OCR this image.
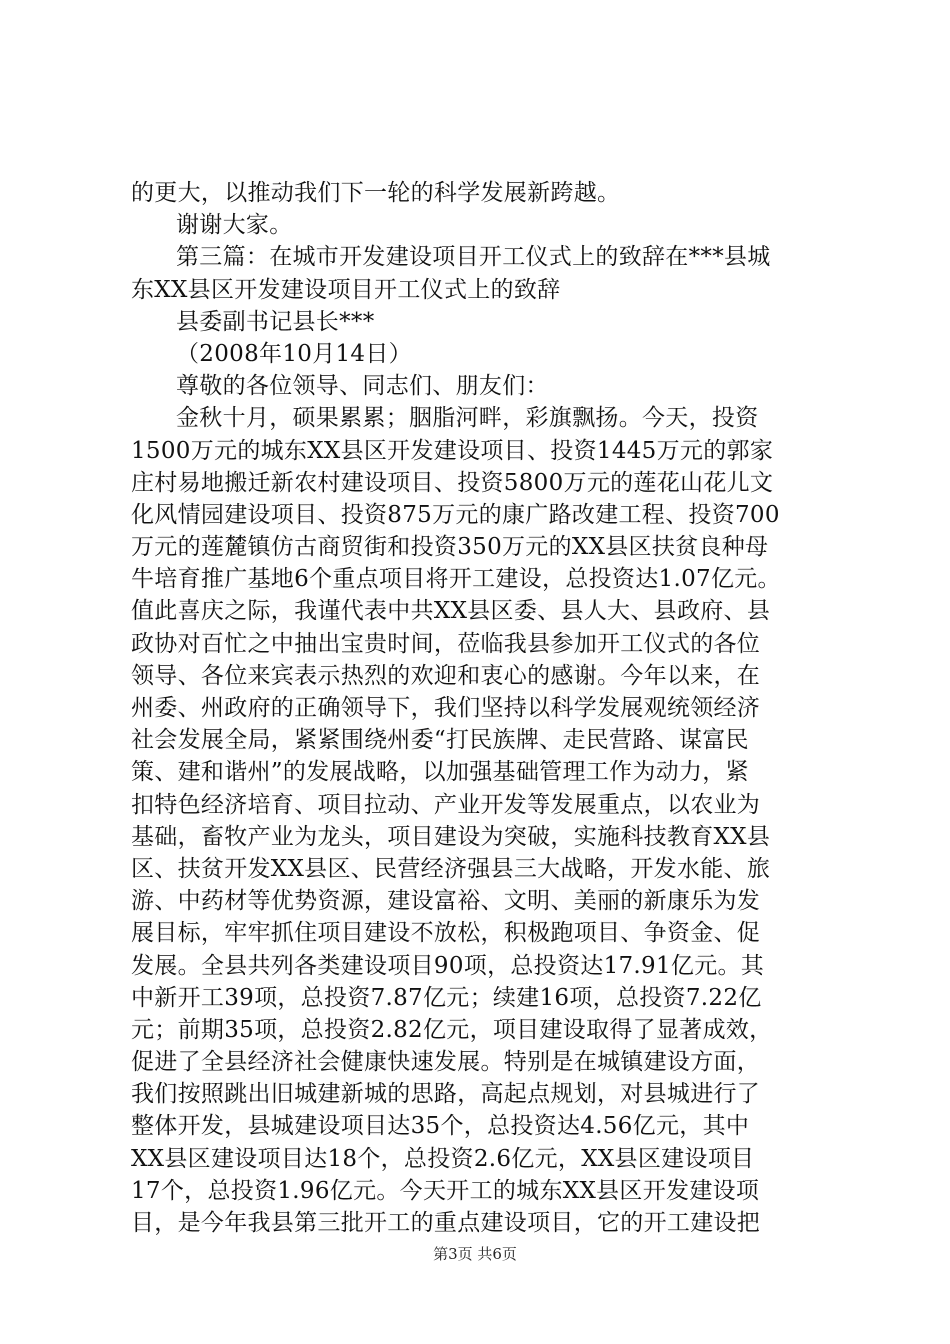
的更大，以推动我们下一轮的科学发展新跨越。
谢谢大家。
第三篇：在城市开发建设项目开工仪式上的致辞在***县城
东XX县区开发建设项目开工仪式上的致辞
县委副书记县长***
（2008年10月14日）
尊敬的各位领导、同志们、朋友们：
金秋十月，硕果累累；胭脂河畔，彩旗飘扬。今天，投资
1500万元的城东XX县区开发建设项目、投资1445万元的郭家
庄村易地搬迁新农村建设项目、投资5800万元的莲花山花儿文
化风情园建设项目、投资875万元的康广路改建工程、投资700
万元的莲麓镇仿古商贸街和投资350万元的XX县区扶贫良种母
牛培育推广基地6个重点项目将开工建设，总投资达1.07亿元。
值此喜庆之际，我谨代表中共XX县区委、县人大、县政府、县
政协对百忙之中抽出宝贵时间，莅临我县参加开工仪式的各位
领导、各位来宾表示热烈的欢迎和衷心的感谢。今年以来，在
州委、州政府的正确领导下，我们坚持以科学发展观统领经济
社会发展全局，紧紧围绕州委“打民族牌、走民营路、谋富民
策、建和谐州”的发展战略，以加强基础管理工作为动力，紧
扣特色经济培育、项目拉动、产业开发等发展重点，以农业为
基础，畜牧产业为龙头，项目建设为突破，实施科技教育XX县
区、扶贫开发XX县区、民营经济强县三大战略，开发水能、旅
游、中药材等优势资源，建设富裕、文明、美丽的新康乐为发
展目标，牢牢抓住项目建设不放松，积极跑项目、争资金、促
发展。全县共列各类建设项目90项，总投资达17.91亿元。其
中新开工39项，总投资7.87亿元；续建16项，总投资7.22亿
元；前期35项，总投资2.82亿元，项目建设取得了显著成效，
促进了全县经济社会健康快速发展。特别是在城镇建设方面，
我们按照跳出旧城建新城的思路，高起点规划，对县城进行了
整体开发，县城建设项目达35个，总投资达4.56亿元，其中
XX县区建设项目达18个，总投资2.6亿元，XX县区建设项目
17个，总投资1.96亿元。今天开工的城东XX县区开发建设项
目，是今年我县第三批开工的重点建设项目，它的开工建设把
第3页 共6页
